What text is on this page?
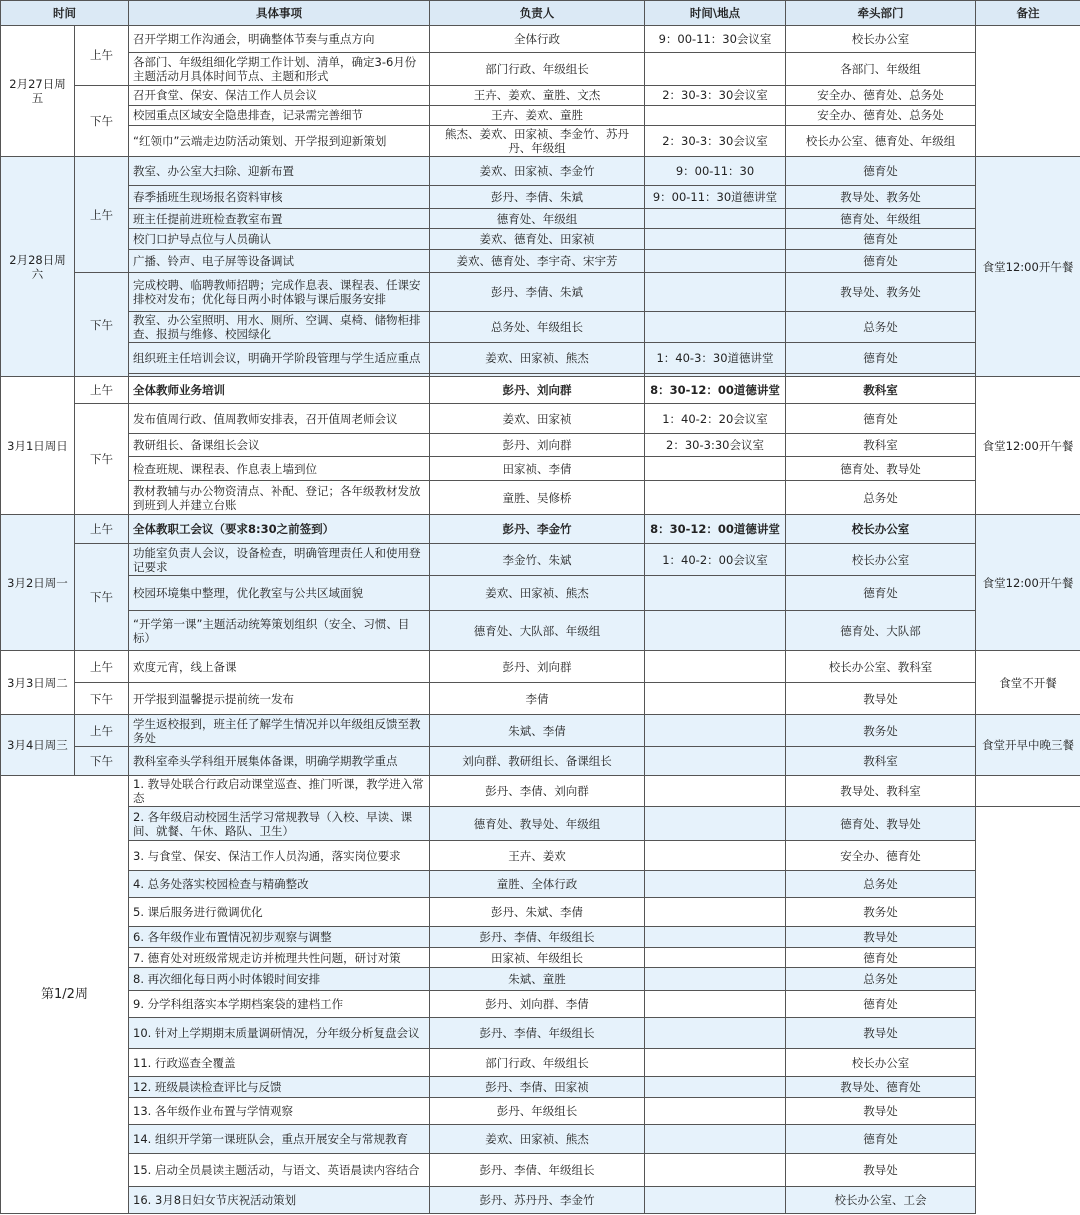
时间		具体事项	负责人	时间\地点	牵头部门	备注
2月27日周五	上午	召开学期工作沟通会，明确整体节奏与重点方向	全体行政	9：00-11：30会议室	校长办公室	
		各部门、年级组细化学期工作计划、清单，确定3-6月份主题活动月具体时间节点、主题和形式	部门行政、年级组长		各部门、年级组	
	下午	召开食堂、保安、保洁工作人员会议	王卉、姜欢、童胜、文杰	2：30-3：30会议室	安全办、德育处、总务处	
		校园重点区域安全隐患排查，记录需完善细节	王卉、姜欢、童胜		安全办、德育处、总务处	
		“红领巾”云端走边防活动策划、开学报到迎新策划	熊杰、姜欢、田家祯、李金竹、苏丹丹、年级组	2：30-3：30会议室	校长办公室、德育处、年级组	
2月28日周六	上午	教室、办公室大扫除、迎新布置	姜欢、田家祯、李金竹	9：00-11：30	德育处	食堂12:00开午餐
		春季插班生现场报名资料审核	彭丹、李倩、朱斌	9：00-11：30道德讲堂	教导处、教务处	
		班主任提前进班检查教室布置	德育处、年级组		德育处、年级组	
		校门口护导点位与人员确认	姜欢、德育处、田家祯		德育处	
		广播、铃声、电子屏等设备调试	姜欢、德育处、李宇奇、宋宇芳		德育处	
	下午	完成校聘、临聘教师招聘；完成作息表、课程表、任课安排校对发布；优化每日两小时体锻与课后服务安排	彭丹、李倩、朱斌		教导处、教务处	
		教室、办公室照明、用水、厕所、空调、桌椅、储物柜排查、报损与维修、校园绿化	总务处、年级组长		总务处	
		组织班主任培训会议，明确开学阶段管理与学生适应重点	姜欢、田家祯、熊杰	1：40-3：30道德讲堂	德育处	

3月1日周日	上午	全体教师业务培训	彭丹、刘向群	8：30-12：00道德讲堂	教科室	食堂12:00开午餐
	下午	发布值周行政、值周教师安排表，召开值周老师会议	姜欢、田家祯	1：40-2：20会议室	德育处	
		教研组长、备课组长会议	彭丹、刘向群	2：30-3:30会议室	教科室	
		检查班规、课程表、作息表上墙到位	田家祯、李倩		德育处、教导处	
		教材教辅与办公物资清点、补配、登记；各年级教材发放到班到人并建立台账	童胜、吴修桥		总务处	
3月2日周一	上午	全体教职工会议（要求8:30之前签到）	彭丹、李金竹	8：30-12：00道德讲堂	校长办公室	食堂12:00开午餐
	下午	功能室负责人会议，设备检查，明确管理责任人和使用登记要求	李金竹、朱斌	1：40-2：00会议室	校长办公室	
		校园环境集中整理，优化教室与公共区域面貌	姜欢、田家祯、熊杰		德育处	
		“开学第一课”主题活动统筹策划组织（安全、习惯、目标）	德育处、大队部、年级组		德育处、大队部	
3月3日周二	上午	欢度元宵，线上备课	彭丹、刘向群		校长办公室、教科室	食堂不开餐
	下午	开学报到温馨提示提前统一发布	李倩		教导处	
3月4日周三	上午	学生返校报到，班主任了解学生情况并以年级组反馈至教务处	朱斌、李倩		教务处	食堂开早中晚三餐
	下午	教科室牵头学科组开展集体备课，明确学期教学重点	刘向群、教研组长、备课组长		教科室	
第1/2周		1. 教导处联合行政启动课堂巡查、推门听课，教学进入常态	彭丹、李倩、刘向群		教导处、教科室	
		2. 各年级启动校园生活学习常规教导（入校、早读、课间、就餐、午休、路队、卫生）	德育处、教导处、年级组		德育处、教导处	
		3. 与食堂、保安、保洁工作人员沟通，落实岗位要求	王卉、姜欢		安全办、德育处	
		4. 总务处落实校园检查与精确整改	童胜、全体行政		总务处	
		5. 课后服务进行微调优化	彭丹、朱斌、李倩		教务处	
		6. 各年级作业布置情况初步观察与调整	彭丹、李倩、年级组长		教导处	
		7. 德育处对班级常规走访并梳理共性问题，研讨对策	田家祯、年级组长		德育处	
		8. 再次细化每日两小时体锻时间安排	朱斌、童胜		总务处	
		9. 分学科组落实本学期档案袋的建档工作	彭丹、刘向群、李倩		德育处	
		10. 针对上学期期末质量调研情况，分年级分析复盘会议	彭丹、李倩、年级组长		教导处	
		11. 行政巡查全覆盖	部门行政、年级组长		校长办公室	
		12. 班级晨读检查评比与反馈	彭丹、李倩、田家祯		教导处、德育处	
		13. 各年级作业布置与学情观察	彭丹、年级组长		教导处	
		14. 组织开学第一课班队会，重点开展安全与常规教育	姜欢、田家祯、熊杰		德育处	
		15. 启动全员晨读主题活动，与语文、英语晨读内容结合	彭丹、李倩、年级组长		教导处	
		16. 3月8日妇女节庆祝活动策划	彭丹、苏丹丹、李金竹		校长办公室、工会	
